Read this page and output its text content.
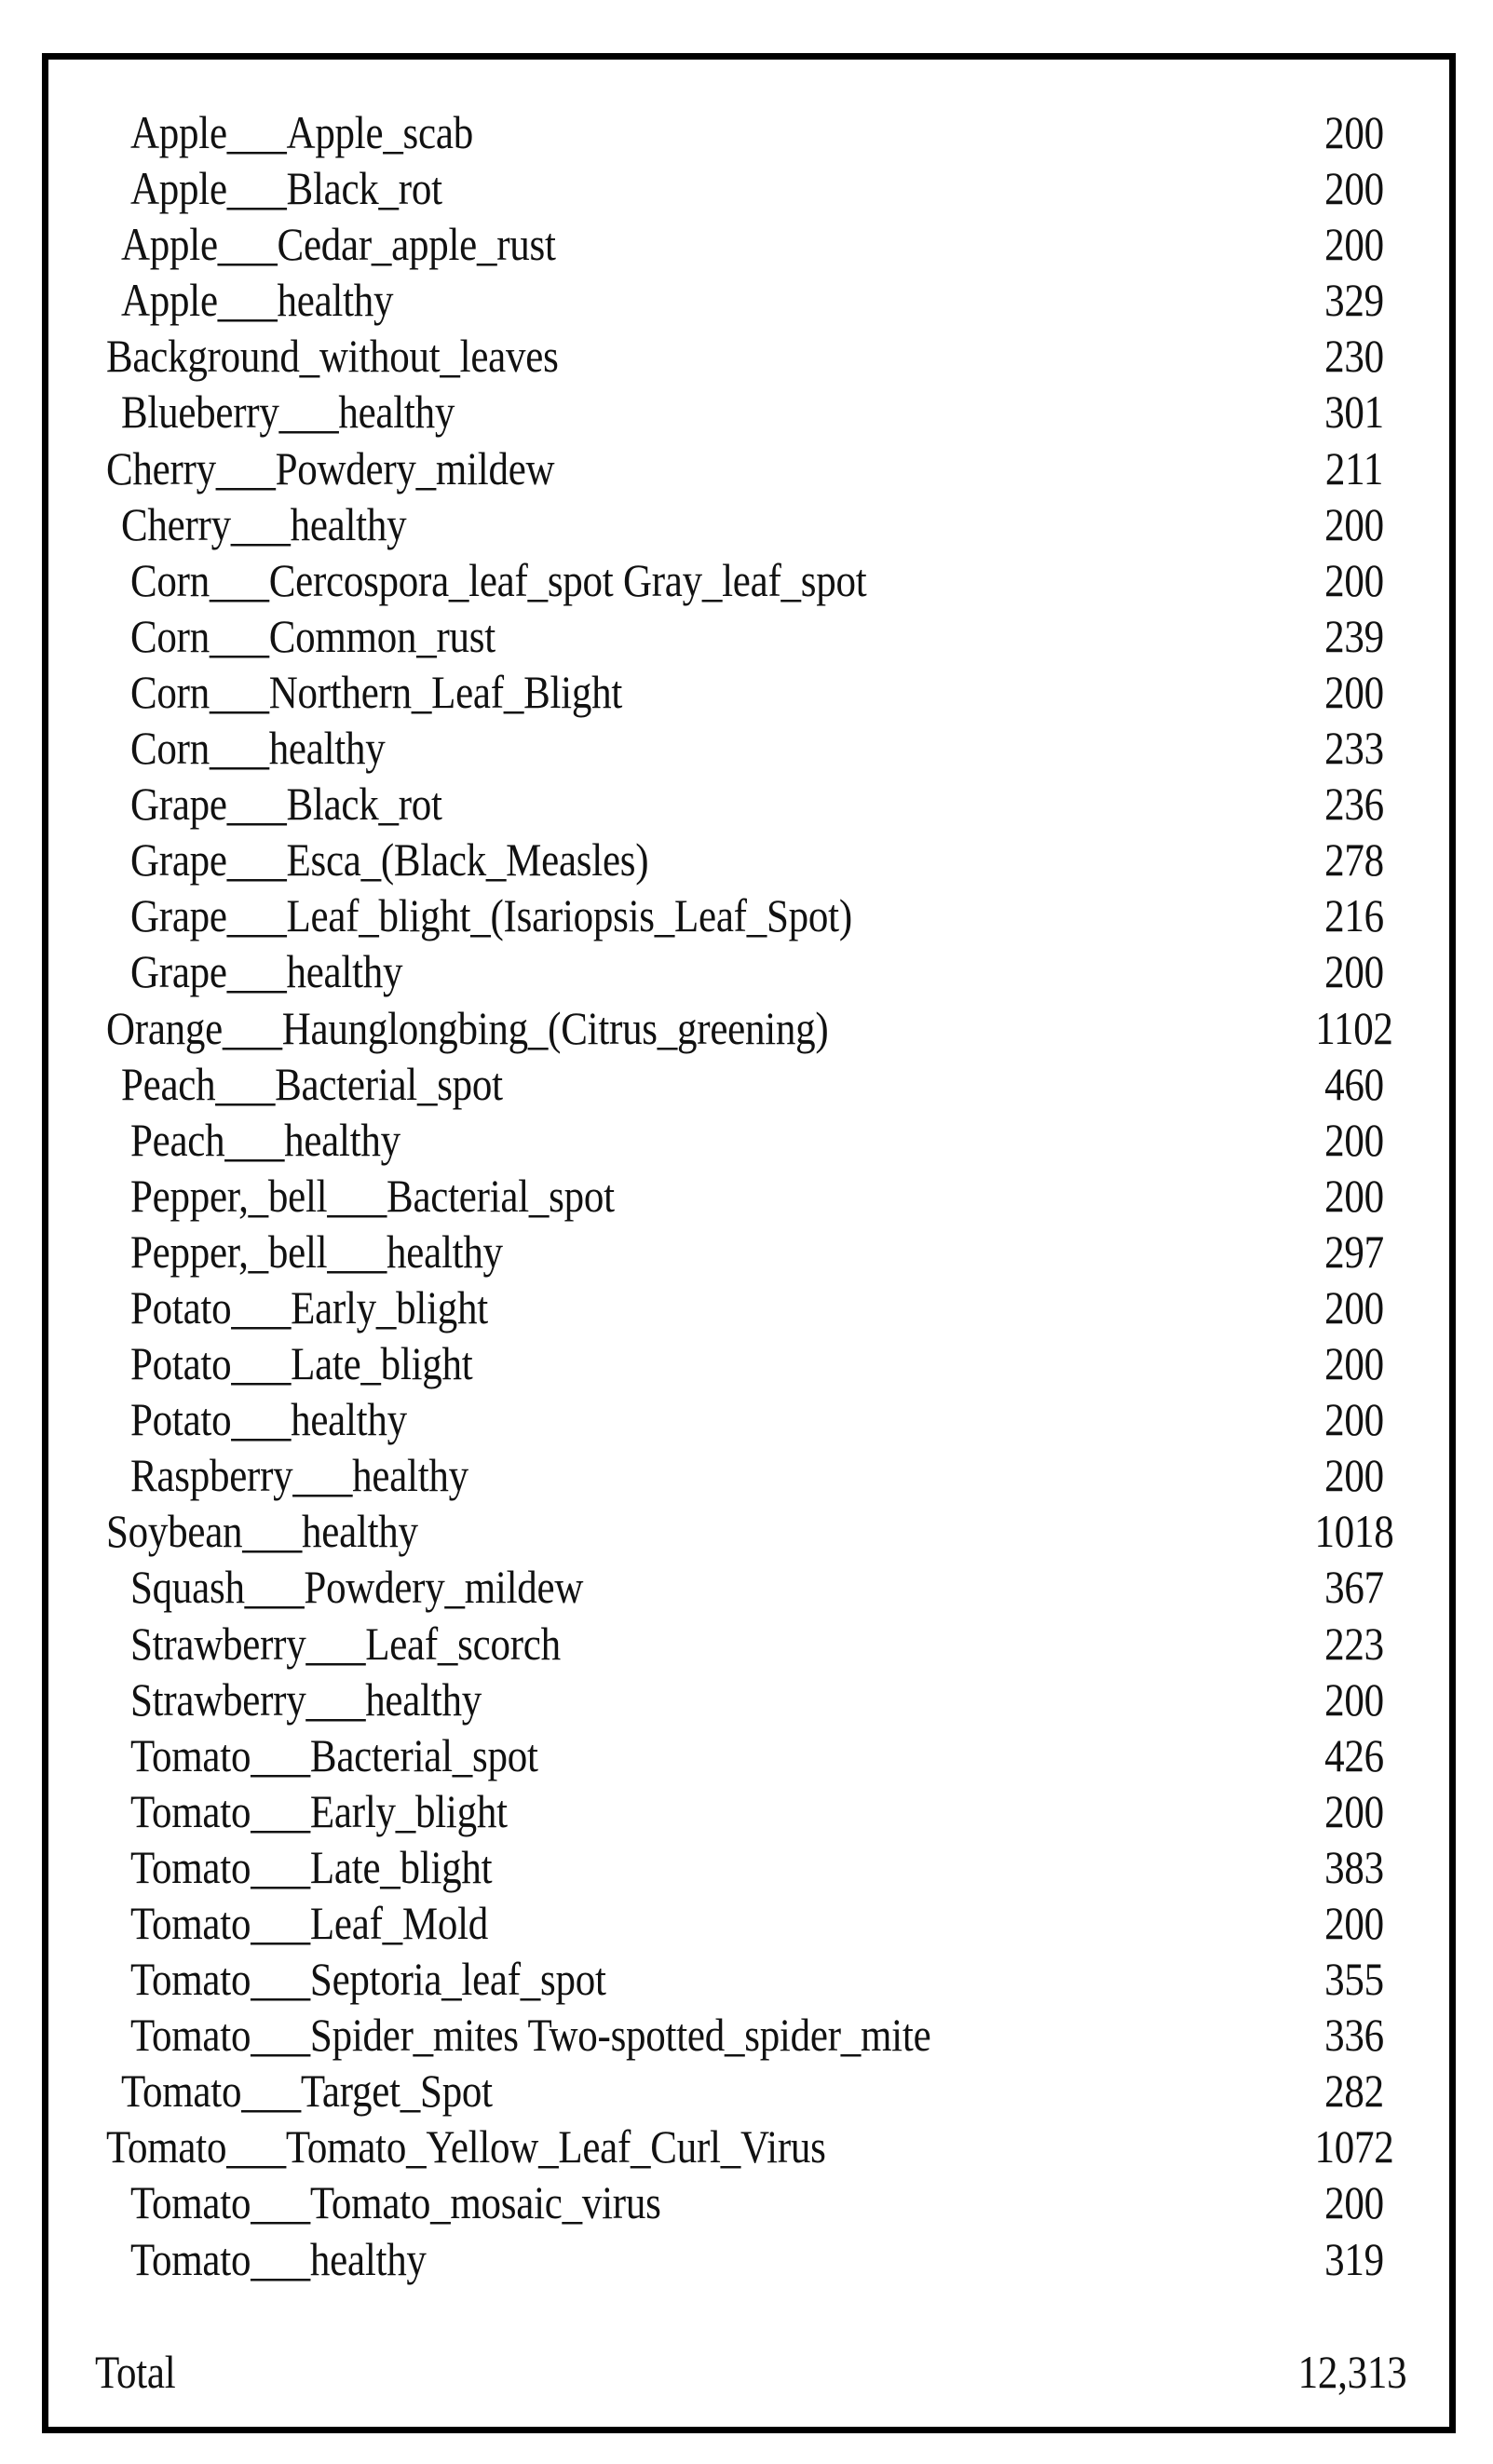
Apple___Apple_scab	200
Apple___Black_rot	200
Apple___Cedar_apple_rust	200
Apple___healthy	329
Background_without_leaves	230
Blueberry___healthy	301
Cherry___Powdery_mildew	211
Cherry___healthy	200
Corn___Cercospora_leaf_spot Gray_leaf_spot	200
Corn___Common_rust	239
Corn___Northern_Leaf_Blight	200
Corn___healthy	233
Grape___Black_rot	236
Grape___Esca_(Black_Measles)	278
Grape___Leaf_blight_(Isariopsis_Leaf_Spot)	216
Grape___healthy	200
Orange___Haunglongbing_(Citrus_greening)	1102
Peach___Bacterial_spot	460
Peach___healthy	200
Pepper,_bell___Bacterial_spot	200
Pepper,_bell___healthy	297
Potato___Early_blight	200
Potato___Late_blight	200
Potato___healthy	200
Raspberry___healthy	200
Soybean___healthy	1018
Squash___Powdery_mildew	367
Strawberry___Leaf_scorch	223
Strawberry___healthy	200
Tomato___Bacterial_spot	426
Tomato___Early_blight	200
Tomato___Late_blight	383
Tomato___Leaf_Mold	200
Tomato___Septoria_leaf_spot	355
Tomato___Spider_mites Two-spotted_spider_mite	336
Tomato___Target_Spot	282
Tomato___Tomato_Yellow_Leaf_Curl_Virus	1072
Tomato___Tomato_mosaic_virus	200
Tomato___healthy	319
Total	12,313
